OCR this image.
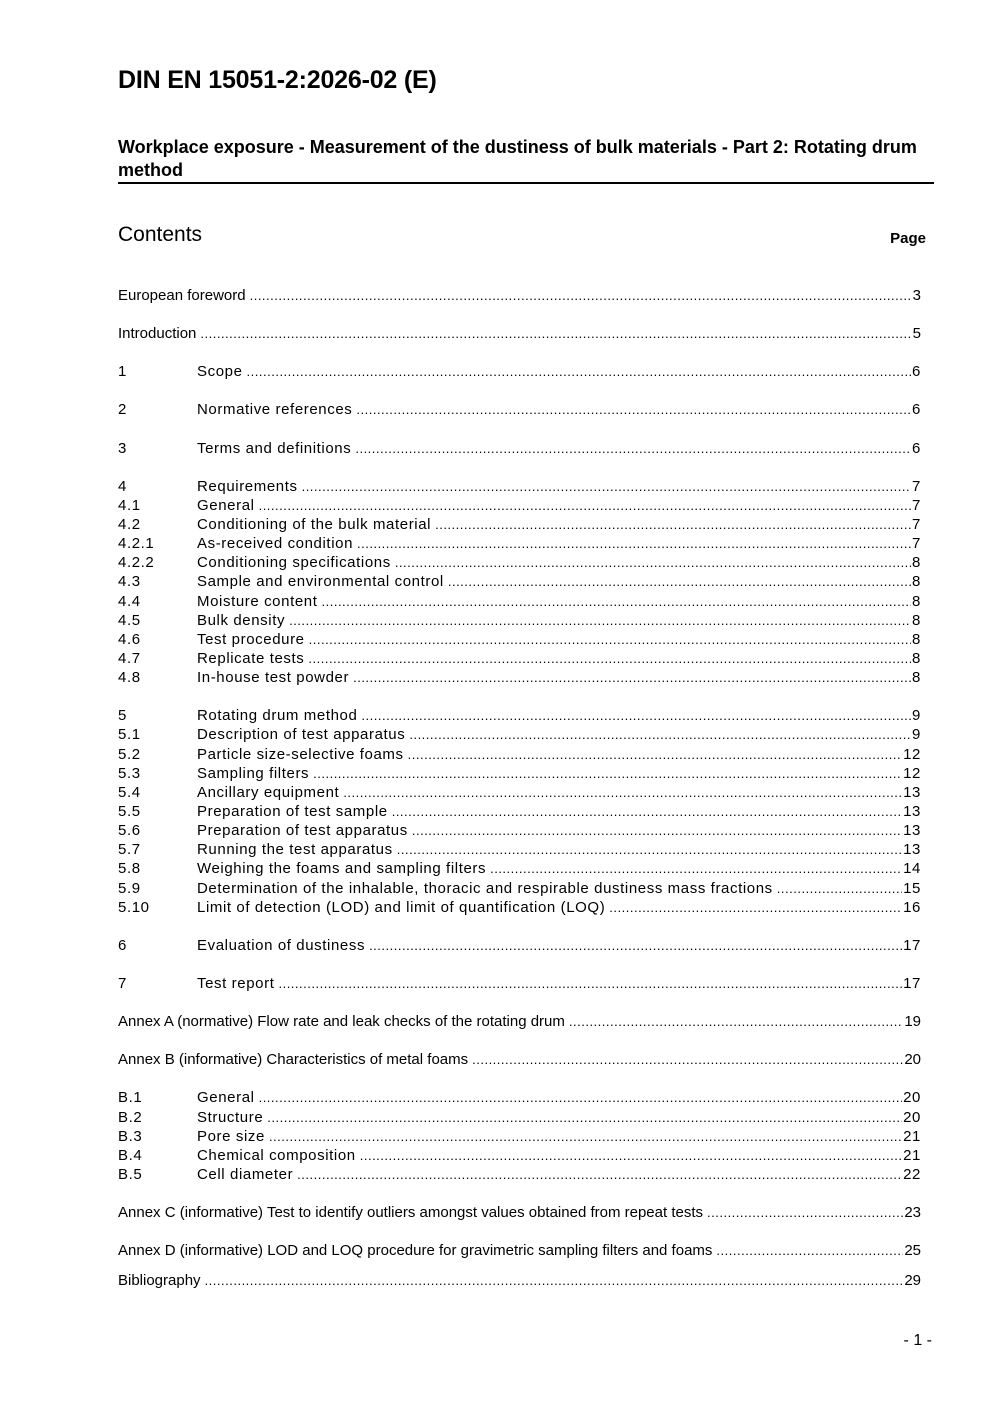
DIN EN 15051-2:2026-02 (E)
Workplace exposure - Measurement of the dustiness of bulk materials - Part 2: Rotating drum method
Contents	Page
European foreword .....	3
Introduction .....	5
1	Scope .....	6
2	Normative references .....	6
3	Terms and definitions .....	6
4	Requirements .....	7
4.1	General .....	7
4.2	Conditioning of the bulk material .....	7
4.2.1	As-received condition .....	7
4.2.2	Conditioning specifications .....	8
4.3	Sample and environmental control .....	8
4.4	Moisture content .....	8
4.5	Bulk density .....	8
4.6	Test procedure .....	8
4.7	Replicate tests .....	8
4.8	In-house test powder .....	8
5	Rotating drum method .....	9
5.1	Description of test apparatus .....	9
5.2	Particle size-selective foams .....	12
5.3	Sampling filters .....	12
5.4	Ancillary equipment .....	13
5.5	Preparation of test sample .....	13
5.6	Preparation of test apparatus .....	13
5.7	Running the test apparatus .....	13
5.8	Weighing the foams and sampling filters .....	14
5.9	Determination of the inhalable, thoracic and respirable dustiness mass fractions .....	15
5.10	Limit of detection (LOD) and limit of quantification (LOQ) .....	16
6	Evaluation of dustiness .....	17
7	Test report .....	17
Annex A (normative) Flow rate and leak checks of the rotating drum .....	19
Annex B (informative) Characteristics of metal foams .....	20
B.1	General .....	20
B.2	Structure .....	20
B.3	Pore size .....	21
B.4	Chemical composition .....	21
B.5	Cell diameter .....	22
Annex C (informative) Test to identify outliers amongst values obtained from repeat tests .....	23
Annex D (informative) LOD and LOQ procedure for gravimetric sampling filters and foams .....	25
Bibliography .....	29
- 1 -
